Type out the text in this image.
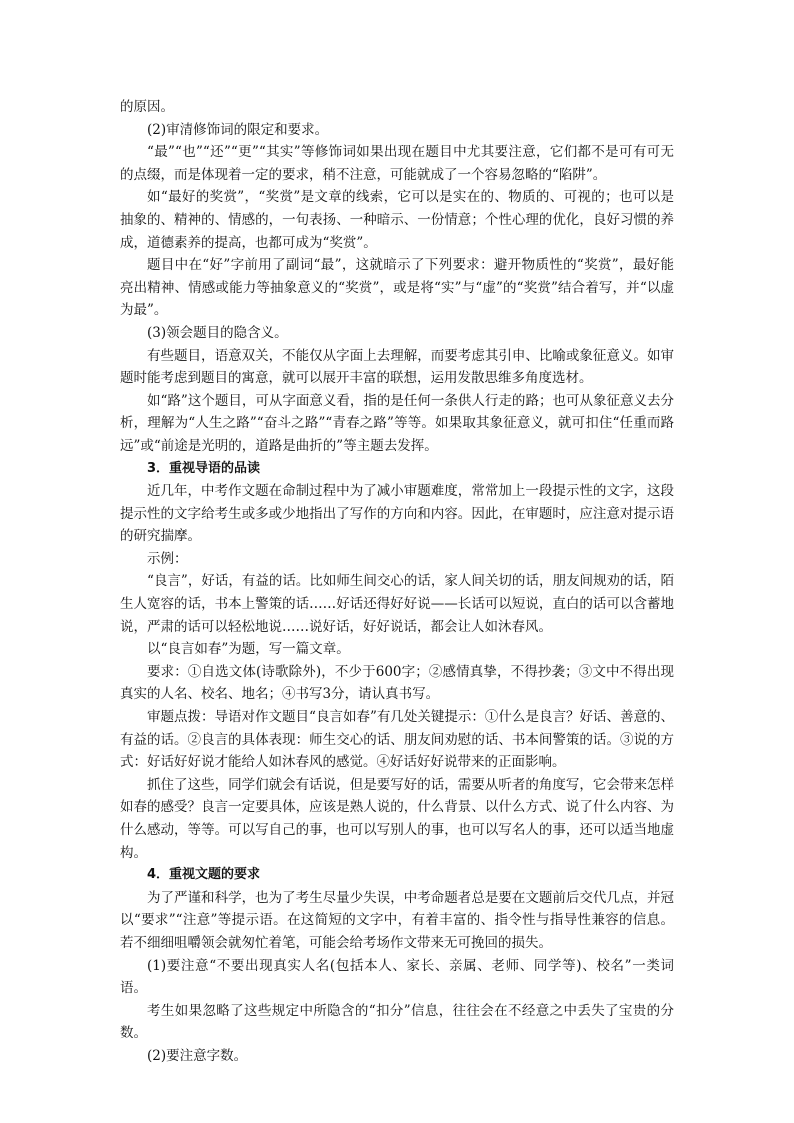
的原因。

(2)审清修饰词的限定和要求。

“最”“也”“还”“更”“其实”等修饰词如果出现在题目中尤其要注意，它们都不是可有可无的点缀，而是体现着一定的要求，稍不注意，可能就成了一个容易忽略的“陷阱”。

如“最好的奖赏”，“奖赏”是文章的线索，它可以是实在的、物质的、可视的；也可以是抽象的、精神的、情感的，一句表扬、一种暗示、一份情意；个性心理的优化，良好习惯的养成，道德素养的提高，也都可成为“奖赏”。

题目中在“好”字前用了副词“最”，这就暗示了下列要求：避开物质性的“奖赏”，最好能亮出精神、情感或能力等抽象意义的“奖赏”，或是将“实”与“虚”的“奖赏”结合着写，并“以虚为最”。

(3)领会题目的隐含义。

有些题目，语意双关，不能仅从字面上去理解，而要考虑其引申、比喻或象征意义。如审题时能考虑到题目的寓意，就可以展开丰富的联想，运用发散思维多角度选材。

如“路”这个题目，可从字面意义看，指的是任何一条供人行走的路；也可从象征意义去分析，理解为“人生之路”“奋斗之路”“青春之路”等等。如果取其象征意义，就可扣住“任重而路远”或“前途是光明的，道路是曲折的”等主题去发挥。

3．重视导语的品读

近几年，中考作文题在命制过程中为了减小审题难度，常常加上一段提示性的文字，这段提示性的文字给考生或多或少地指出了写作的方向和内容。因此，在审题时，应注意对提示语的研究揣摩。

示例：

“良言”，好话，有益的话。比如师生间交心的话，家人间关切的话，朋友间规劝的话，陌生人宽容的话，书本上警策的话……好话还得好好说——长话可以短说，直白的话可以含蓄地说，严肃的话可以轻松地说……说好话，好好说话，都会让人如沐春风。

以“良言如春”为题，写一篇文章。

要求：①自选文体(诗歌除外)，不少于600字；②感情真挚，不得抄袭；③文中不得出现真实的人名、校名、地名；④书写3分，请认真书写。

审题点拨：导语对作文题目“良言如春”有几处关键提示：①什么是良言？好话、善意的、有益的话。②良言的具体表现：师生交心的话、朋友间劝慰的话、书本间警策的话。③说的方式：好话好好说才能给人如沐春风的感觉。④好话好好说带来的正面影响。

抓住了这些，同学们就会有话说，但是要写好的话，需要从听者的角度写，它会带来怎样如春的感受？良言一定要具体，应该是熟人说的，什么背景、以什么方式、说了什么内容、为什么感动，等等。可以写自己的事，也可以写别人的事，也可以写名人的事，还可以适当地虚构。

4．重视文题的要求

为了严谨和科学，也为了考生尽量少失误，中考命题者总是要在文题前后交代几点，并冠以“要求”“注意”等提示语。在这简短的文字中，有着丰富的、指令性与指导性兼容的信息。若不细细咀嚼领会就匆忙着笔，可能会给考场作文带来无可挽回的损失。

(1)要注意“不要出现真实人名(包括本人、家长、亲属、老师、同学等)、校名”一类词语。

考生如果忽略了这些规定中所隐含的“扣分”信息，往往会在不经意之中丢失了宝贵的分数。

(2)要注意字数。
